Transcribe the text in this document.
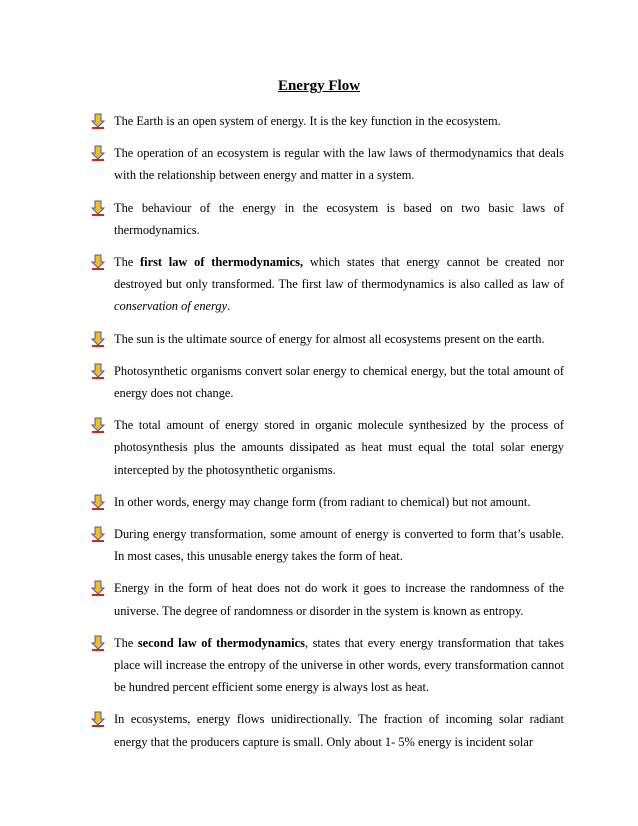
Energy Flow
The Earth is an open system of energy. It is the key function in the ecosystem.
The operation of an ecosystem is regular with the law laws of thermodynamics that deals with the relationship between energy and matter in a system.
The behaviour of the energy in the ecosystem is based on two basic laws of thermodynamics.
The first law of thermodynamics, which states that energy cannot be created nor destroyed but only transformed. The first law of thermodynamics is also called as law of conservation of energy.
The sun is the ultimate source of energy for almost all ecosystems present on the earth.
Photosynthetic organisms convert solar energy to chemical energy, but the total amount of energy does not change.
The total amount of energy stored in organic molecule synthesized by the process of photosynthesis plus the amounts dissipated as heat must equal the total solar energy intercepted by the photosynthetic organisms.
In other words, energy may change form (from radiant to chemical) but not amount.
During energy transformation, some amount of energy is converted to form that’s usable. In most cases, this unusable energy takes the form of heat.
Energy in the form of heat does not do work it goes to increase the randomness of the universe. The degree of randomness or disorder in the system is known as entropy.
The second law of thermodynamics, states that every energy transformation that takes place will increase the entropy of the universe in other words, every transformation cannot be hundred percent efficient some energy is always lost as heat.
In ecosystems, energy flows unidirectionally. The fraction of incoming solar radiant energy that the producers capture is small. Only about 1- 5% energy is incident solar
